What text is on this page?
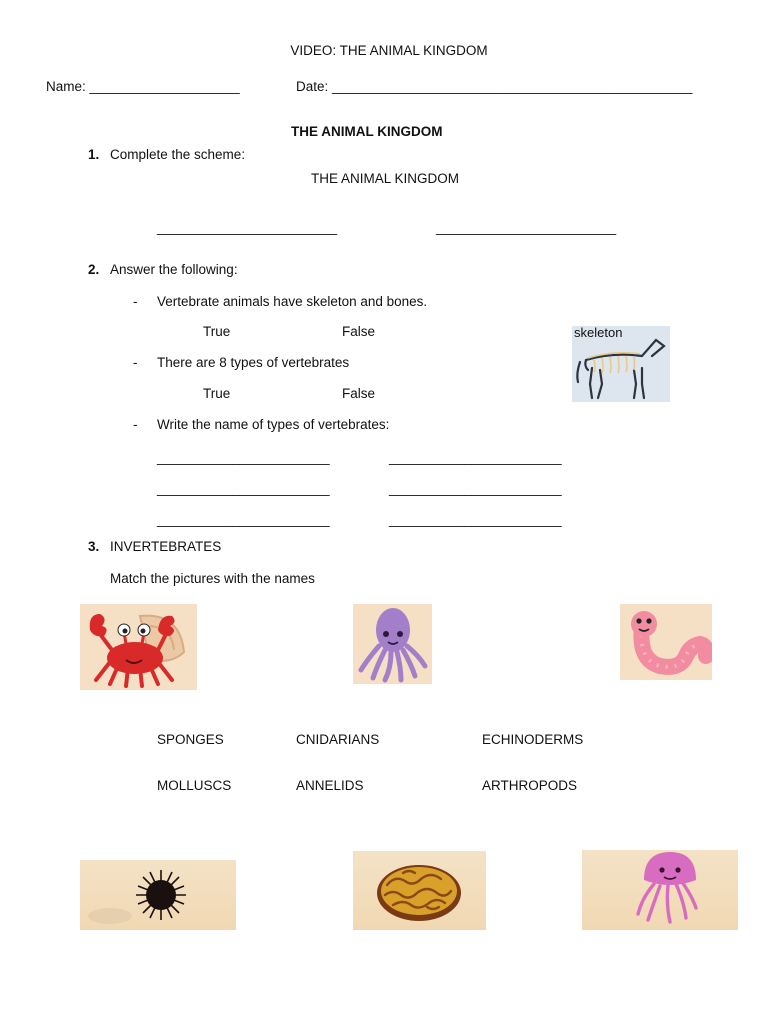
VIDEO: THE ANIMAL KINGDOM
Name: ____________________	Date: ________________________________________________
THE ANIMAL KINGDOM
1. Complete the scheme:
THE ANIMAL KINGDOM
________________________	________________________
2. Answer the following:
- Vertebrate animals have skeleton and bones.
True	False
- There are 8 types of vertebrates
True	False
- Write the name of types of vertebrates:
_______________________	_______________________
_______________________	_______________________
_______________________	_______________________
skeleton
3. INVERTEBRATES
Match the pictures with the names
SPONGES	CNIDARIANS	ECHINODERMS
MOLLUSCS	ANNELIDS	ARTHROPODS
